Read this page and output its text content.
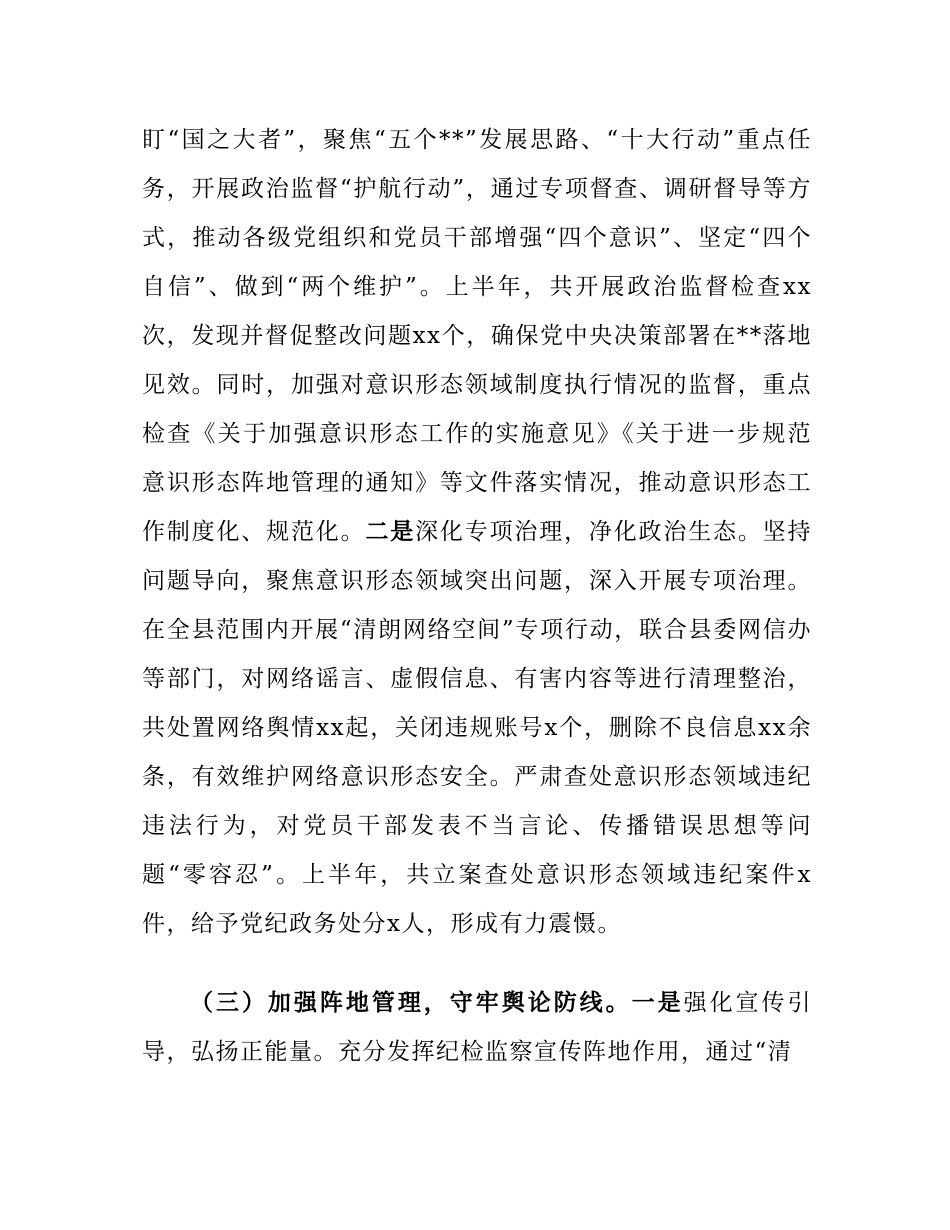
盯“国之大者”，聚焦“五个**”发展思路、“十大行动”重点任务，开展政治监督“护航行动”，通过专项督查、调研督导等方式，推动各级党组织和党员干部增强“四个意识”、坚定“四个自信”、做到“两个维护”。上半年，共开展政治监督检查xx次，发现并督促整改问题xx个，确保党中央决策部署在**落地见效。同时，加强对意识形态领域制度执行情况的监督，重点检查《关于加强意识形态工作的实施意见》《关于进一步规范意识形态阵地管理的通知》等文件落实情况，推动意识形态工作制度化、规范化。二是深化专项治理，净化政治生态。坚持问题导向，聚焦意识形态领域突出问题，深入开展专项治理。在全县范围内开展“清朗网络空间”专项行动，联合县委网信办等部门，对网络谣言、虚假信息、有害内容等进行清理整治，共处置网络舆情xx起，关闭违规账号x个，删除不良信息xx余条，有效维护网络意识形态安全。严肃查处意识形态领域违纪违法行为，对党员干部发表不当言论、传播错误思想等问题“零容忍”。上半年，共立案查处意识形态领域违纪案件x件，给予党纪政务处分x人，形成有力震慑。

（三）加强阵地管理，守牢舆论防线。一是强化宣传引导，弘扬正能量。充分发挥纪检监察宣传阵地作用，通过“清
